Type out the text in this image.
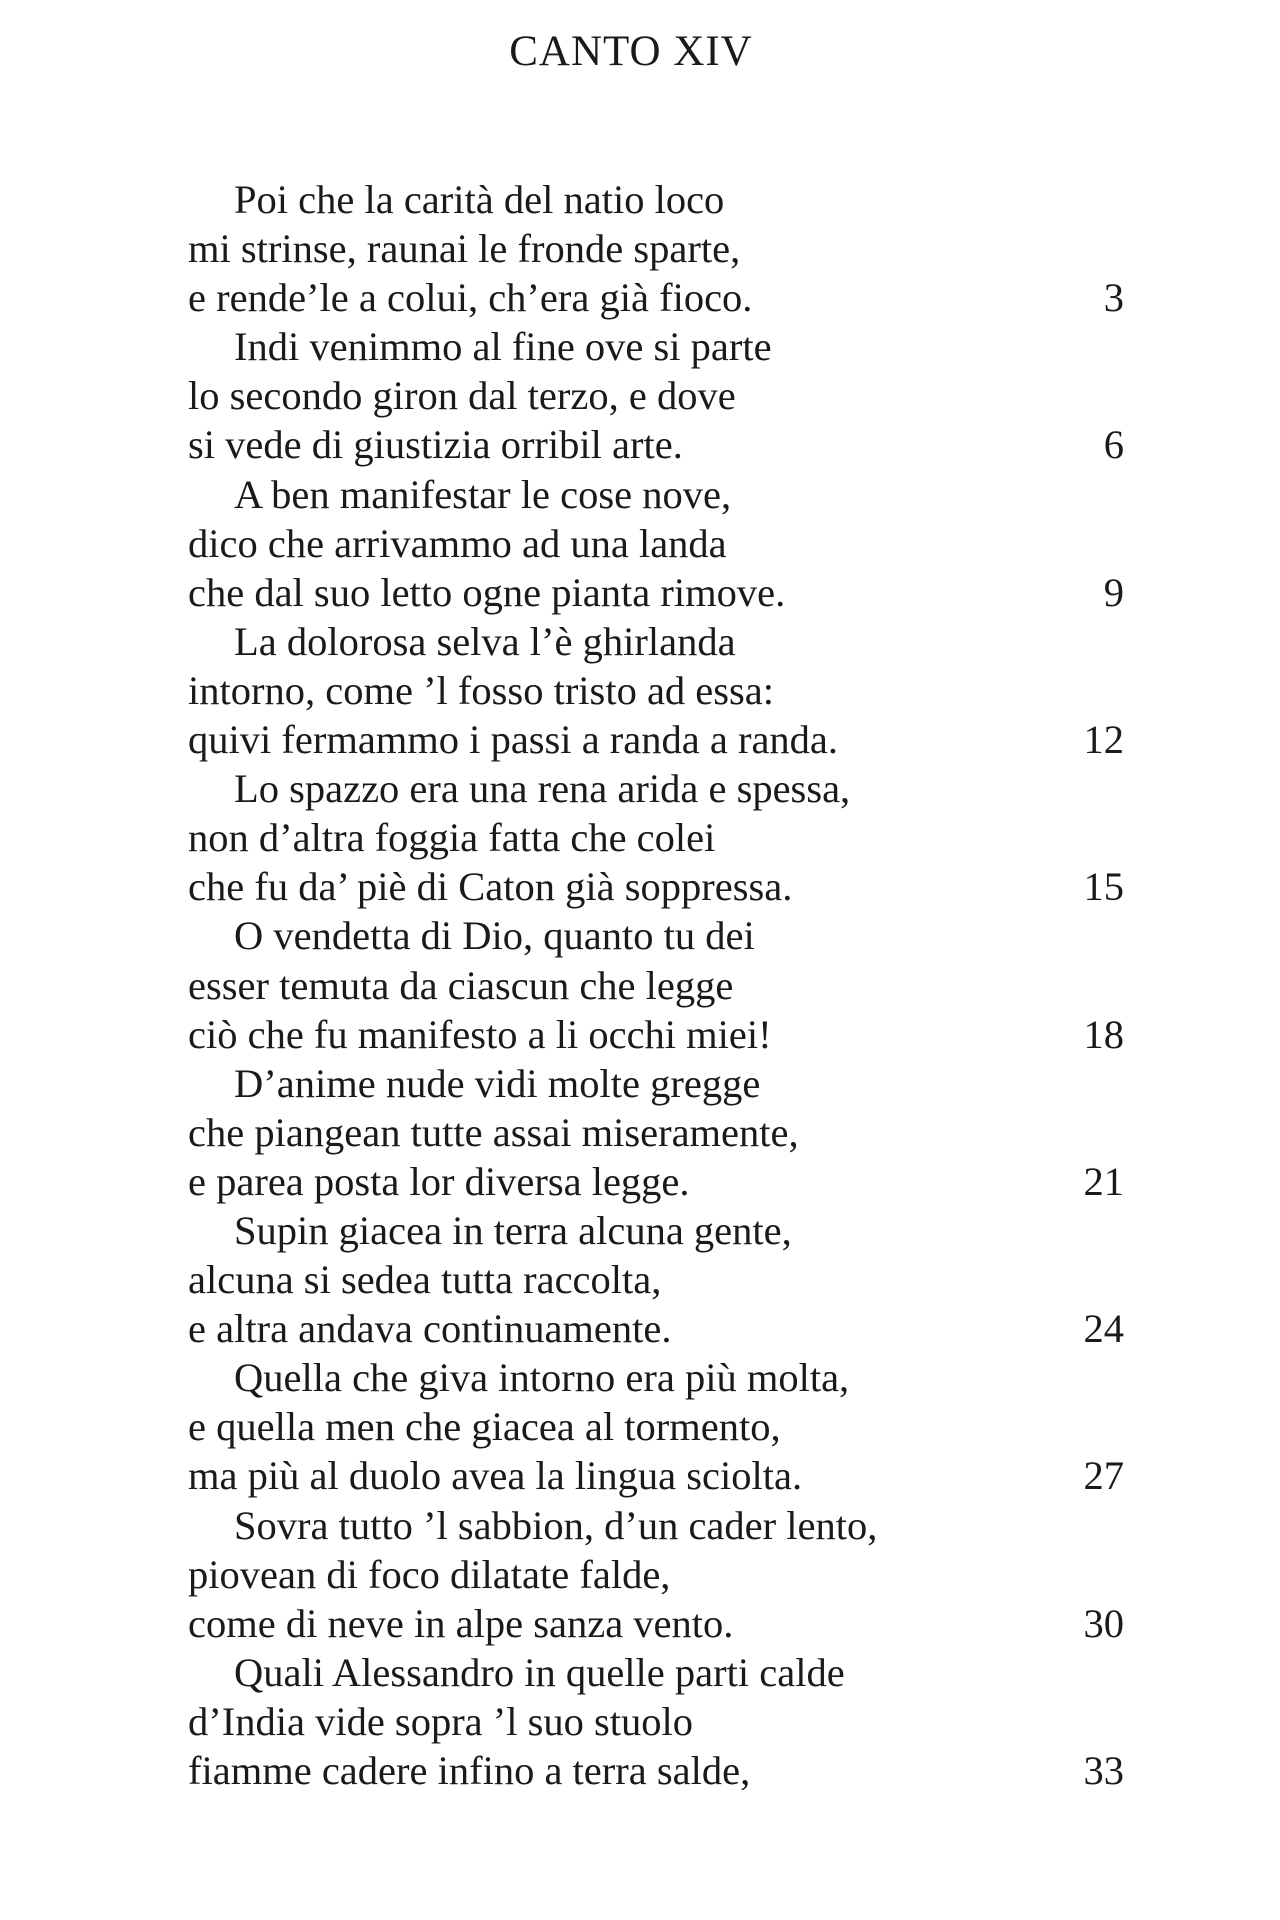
CANTO XIV
Poi che la carità del natio loco
mi strinse, raunai le fronde sparte,
e rende’le a colui, ch’era già fioco.	3
Indi venimmo al fine ove si parte
lo secondo giron dal terzo, e dove
si vede di giustizia orribil arte.	6
A ben manifestar le cose nove,
dico che arrivammo ad una landa
che dal suo letto ogne pianta rimove.	9
La dolorosa selva l’è ghirlanda
intorno, come ’l fosso tristo ad essa:
quivi fermammo i passi a randa a randa.	12
Lo spazzo era una rena arida e spessa,
non d’altra foggia fatta che colei
che fu da’ piè di Caton già soppressa.	15
O vendetta di Dio, quanto tu dei
esser temuta da ciascun che legge
ciò che fu manifesto a li occhi miei!	18
D’anime nude vidi molte gregge
che piangean tutte assai miseramente,
e parea posta lor diversa legge.	21
Supin giacea in terra alcuna gente,
alcuna si sedea tutta raccolta,
e altra andava continuamente.	24
Quella che giva intorno era più molta,
e quella men che giacea al tormento,
ma più al duolo avea la lingua sciolta.	27
Sovra tutto ’l sabbion, d’un cader lento,
piovean di foco dilatate falde,
come di neve in alpe sanza vento.	30
Quali Alessandro in quelle parti calde
d’India vide sopra ’l suo stuolo
fiamme cadere infino a terra salde,	33
